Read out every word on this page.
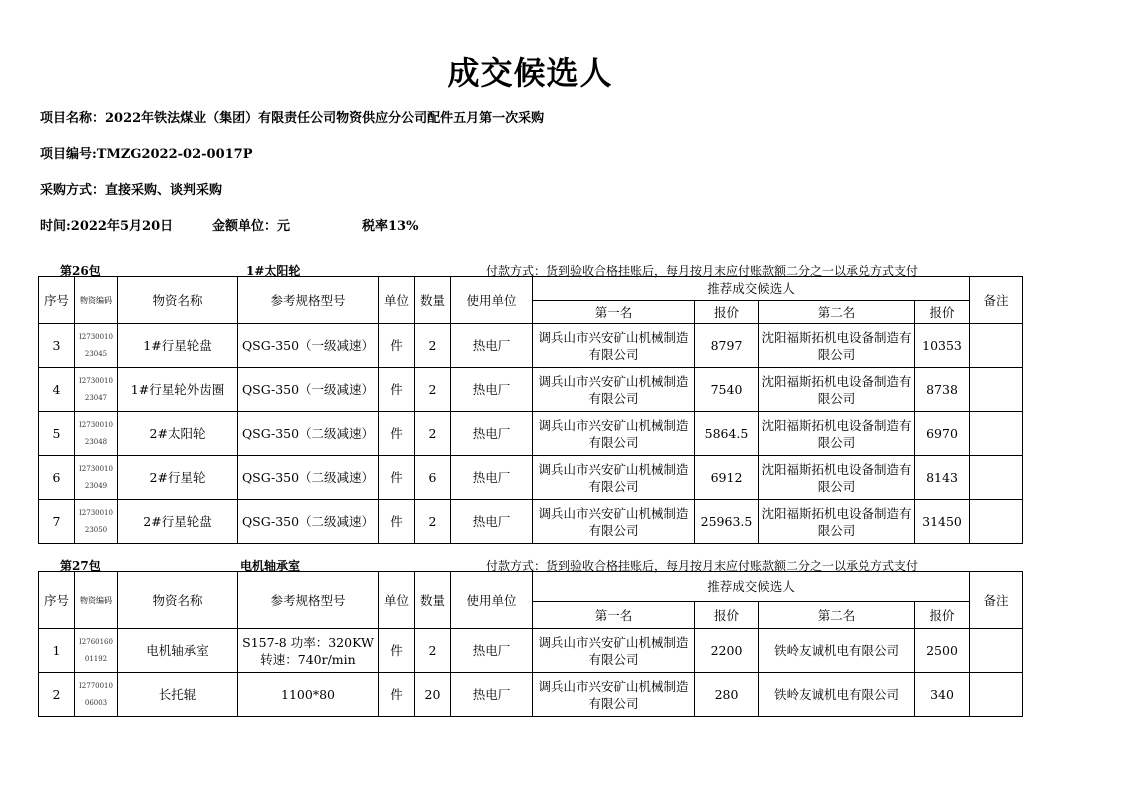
成交候选人
项目名称：2022年铁法煤业（集团）有限责任公司物资供应分公司配件五月第一次采购
项目编号:TMZG2022-02-0017P
采购方式：直接采购、谈判采购
时间:2022年5月20日	金额单位：元	税率13%
第26包	1#太阳轮	付款方式：货到验收合格挂账后，每月按月末应付账款额二分之一以承兑方式支付
序号	物资编码	物资名称	参考规格型号	单位	数量	使用单位	推荐成交候选人				备注
							第一名	报价	第二名	报价	
3	I273001023045	1#行星轮盘	QSG-350（一级减速）	件	2	热电厂	调兵山市兴安矿山机械制造有限公司	8797	沈阳福斯拓机电设备制造有限公司	10353	
4	I273001023047	1#行星轮外齿圈	QSG-350（一级减速）	件	2	热电厂	调兵山市兴安矿山机械制造有限公司	7540	沈阳福斯拓机电设备制造有限公司	8738	
5	I273001023048	2#太阳轮	QSG-350（二级减速）	件	2	热电厂	调兵山市兴安矿山机械制造有限公司	5864.5	沈阳福斯拓机电设备制造有限公司	6970	
6	I273001023049	2#行星轮	QSG-350（二级减速）	件	6	热电厂	调兵山市兴安矿山机械制造有限公司	6912	沈阳福斯拓机电设备制造有限公司	8143	
7	I273001023050	2#行星轮盘	QSG-350（二级减速）	件	2	热电厂	调兵山市兴安矿山机械制造有限公司	25963.5	沈阳福斯拓机电设备制造有限公司	31450	
第27包	电机轴承室	付款方式：货到验收合格挂账后，每月按月末应付账款额二分之一以承兑方式支付
序号	物资编码	物资名称	参考规格型号	单位	数量	使用单位	推荐成交候选人				备注
							第一名	报价	第二名	报价	
1	I276016001192	电机轴承室	S157-8 功率：320KW 转速：740r/min	件	2	热电厂	调兵山市兴安矿山机械制造有限公司	2200	铁岭友诚机电有限公司	2500	
2	I277001006003	长托辊	1100*80	件	20	热电厂	调兵山市兴安矿山机械制造有限公司	280	铁岭友诚机电有限公司	340	
